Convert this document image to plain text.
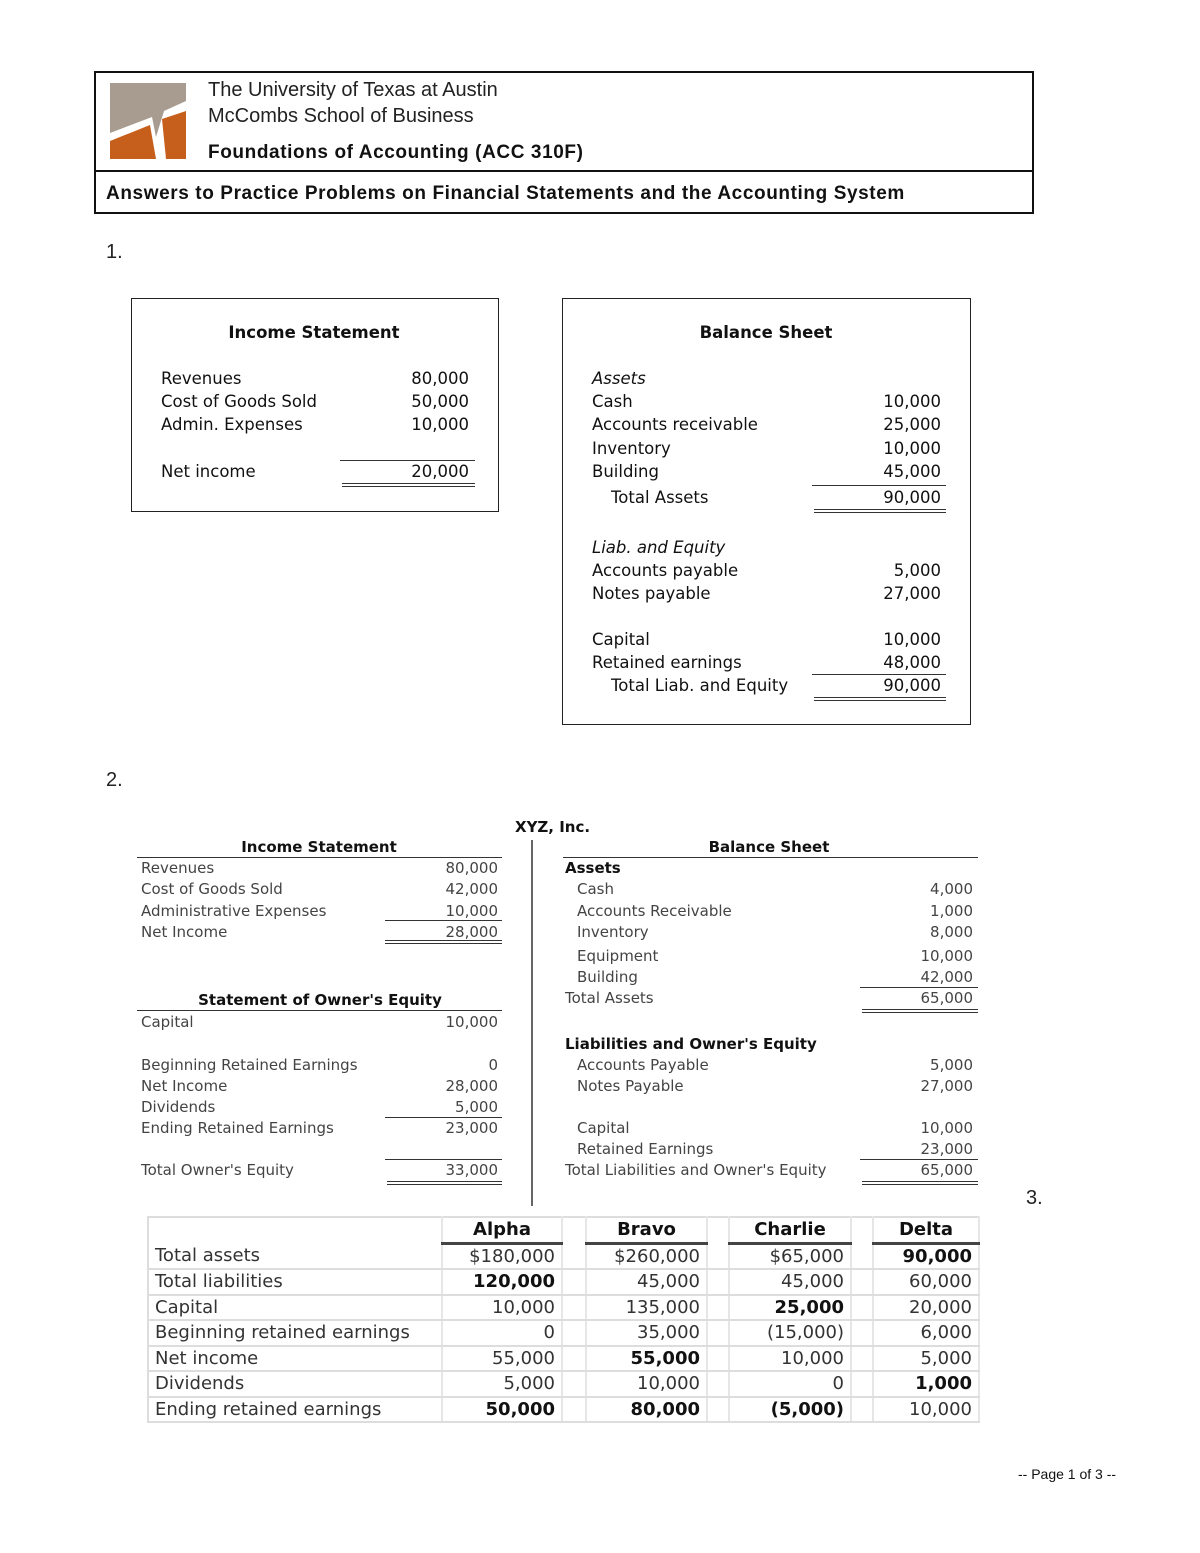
The University of Texas at Austin
McCombs School of Business
Foundations of Accounting (ACC 310F)
Answers to Practice Problems on Financial Statements and the Accounting System
1.
2.
XYZ, Inc.
3.
	Alpha		Bravo		Charlie		Delta
Total assets	$180,000		$260,000		$65,000		90,000
Total liabilities	120,000		45,000		45,000		60,000
Capital	10,000		135,000		25,000		20,000
Beginning retained earnings	0		35,000		(15,000)		6,000
Net income	55,000		55,000		10,000		5,000
Dividends	5,000		10,000		0		1,000
Ending retained earnings	50,000		80,000		(5,000)		10,000
-- Page 1 of 3 --
Income Statement
Revenues	80,000
Cost of Goods Sold	50,000
Admin. Expenses	10,000
Net income	20,000
Balance Sheet
Assets
Cash	10,000
Accounts receivable	25,000
Inventory	10,000
Building	45,000
Total Assets	90,000
Liab. and Equity
Accounts payable	5,000
Notes payable	27,000
Capital	10,000
Retained earnings	48,000
Total Liab. and Equity	90,000
Income Statement
Revenues	80,000
Cost of Goods Sold	42,000
Administrative Expenses	10,000
Net Income	28,000
Statement of Owner's Equity
Capital	10,000
Beginning Retained Earnings	0
Net Income	28,000
Dividends	5,000
Ending Retained Earnings	23,000
Total Owner's Equity	33,000
Balance Sheet
Assets
Cash	4,000
Accounts Receivable	1,000
Inventory	8,000
Equipment	10,000
Building	42,000
Total Assets	65,000
Liabilities and Owner's Equity
Accounts Payable	5,000
Notes Payable	27,000
Capital	10,000
Retained Earnings	23,000
Total Liabilities and Owner's Equity	65,000
